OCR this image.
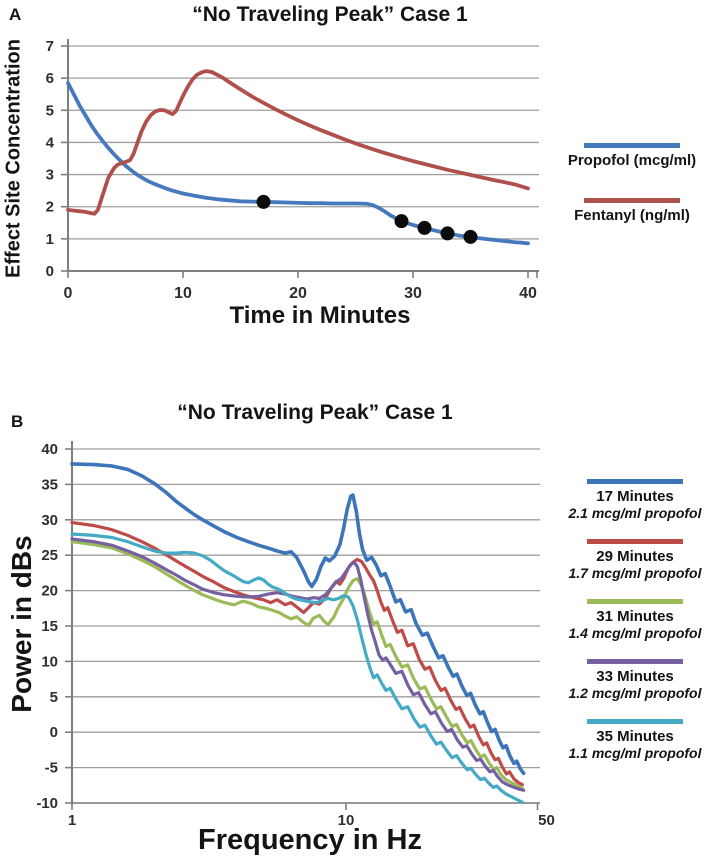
0
1
2
3
4
5
6
7
0	10	20	30	40
-10
-5
0
5
10
15
20
25
30
35
40
1	10	50
A	“No Traveling Peak” Case 1
Effect Site Concentration
Time in Minutes
Propofol (mcg/ml)
Fentanyl (ng/ml)
B	“No Traveling Peak” Case 1
Power in dBs
Frequency in Hz
17 Minutes
2.1 mcg/ml propofol
29 Minutes
1.7 mcg/ml propofol
31 Minutes
1.4 mcg/ml propofol
33 Minutes
1.2 mcg/ml propofol
35 Minutes
1.1 mcg/ml propofol
